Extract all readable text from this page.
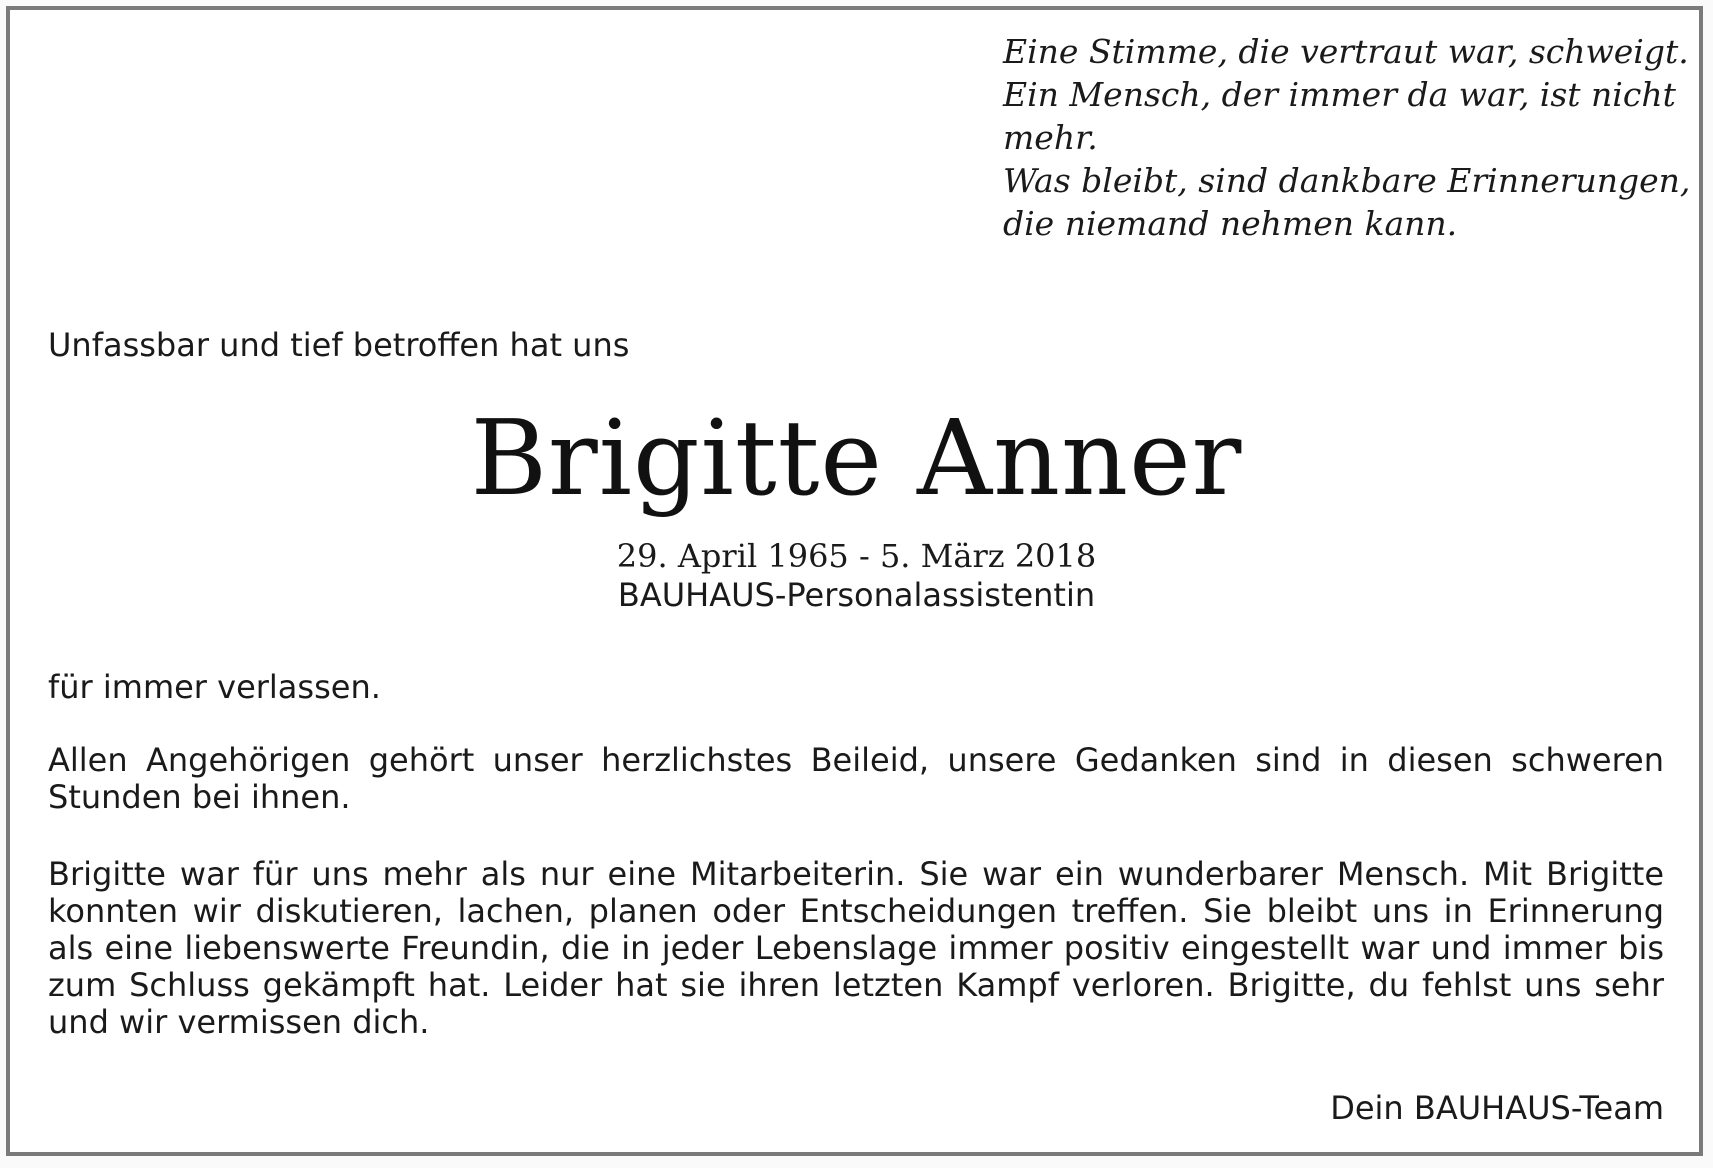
Eine Stimme, die vertraut war, schweigt.
Ein Mensch, der immer da war, ist nicht
mehr.
Was bleibt, sind dankbare Erinnerungen,
die niemand nehmen kann.
Unfassbar und tief betroffen hat uns
Brigitte Anner
29. April 1965 - 5. März 2018
BAUHAUS-Personalassistentin
für immer verlassen.
Allen Angehörigen gehört unser herzlichstes Beileid, unsere Gedanken sind in diesen schweren Stunden bei ihnen.
Brigitte war für uns mehr als nur eine Mitarbeiterin. Sie war ein wunderbarer Mensch. Mit Brigitte konnten wir diskutieren, lachen, planen oder Entscheidungen treffen. Sie bleibt uns in Erinnerung als eine liebenswerte Freundin, die in jeder Lebenslage immer positiv eingestellt war und immer bis zum Schluss gekämpft hat. Leider hat sie ihren letzten Kampf verloren. Brigitte, du fehlst uns sehr und wir vermissen dich.
Dein BAUHAUS-Team
